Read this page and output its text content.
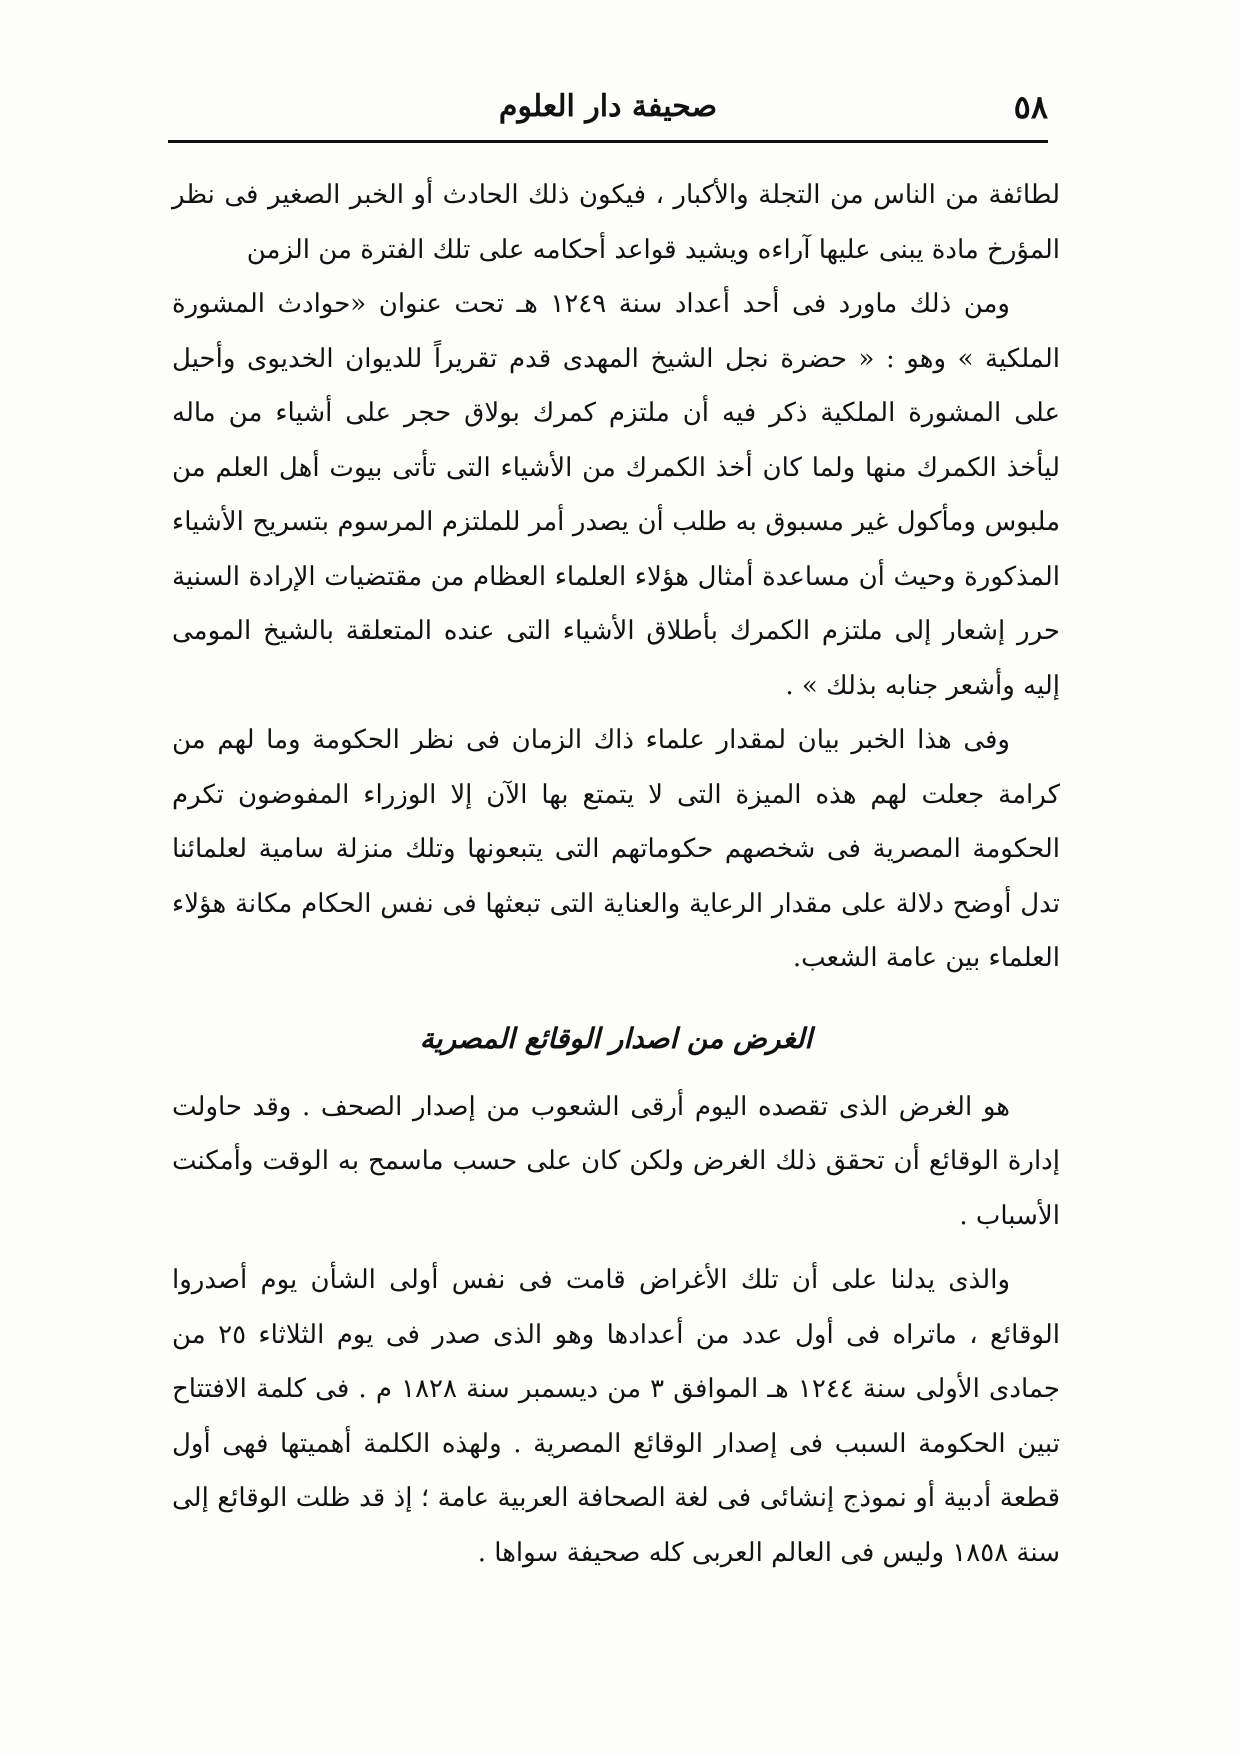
٥٨
صحيفة دار العلوم

لطائفة من الناس من التجلة والأكبار ، فيكون ذلك الحادث أو الخبر الصغير فى نظر المؤرخ مادة يبنى عليها آراءه ويشيد قواعد أحكامه على تلك الفترة من الزمن

ومن ذلك ماورد فى أحد أعداد سنة ١٢٤٩ هـ تحت عنوان «حوادث المشورة الملكية » وهو : « حضرة نجل الشيخ المهدى قدم تقريراً للديوان الخديوى وأحيل على المشورة الملكية ذكر فيه أن ملتزم كمرك بولاق حجر على أشياء من ماله ليأخذ الكمرك منها ولما كان أخذ الكمرك من الأشياء التى تأتى بيوت أهل العلم من ملبوس ومأكول غير مسبوق به طلب أن يصدر أمر للملتزم المرسوم بتسريح الأشياء المذكورة وحيث أن مساعدة أمثال هؤلاء العلماء العظام من مقتضيات الإرادة السنية حرر إشعار إلى ملتزم الكمرك بأطلاق الأشياء التى عنده المتعلقة بالشيخ المومى إليه وأشعر جنابه بذلك » .

وفى هذا الخبر بيان لمقدار علماء ذاك الزمان فى نظر الحكومة وما لهم من كرامة جعلت لهم هذه الميزة التى لا يتمتع بها الآن إلا الوزراء المفوضون تكرم الحكومة المصرية فى شخصهم حكوماتهم التى يتبعونها وتلك منزلة سامية لعلمائنا تدل أوضح دلالة على مقدار الرعاية والعناية التى تبعثها فى نفس الحكام مكانة هؤلاء العلماء بين عامة الشعب.

الغرض من اصدار الوقائع المصرية

هو الغرض الذى تقصده اليوم أرقى الشعوب من إصدار الصحف . وقد حاولت إدارة الوقائع أن تحقق ذلك الغرض ولكن كان على حسب ماسمح به الوقت وأمكنت الأسباب .

والذى يدلنا على أن تلك الأغراض قامت فى نفس أولى الشأن يوم أصدروا الوقائع ، ماتراه فى أول عدد من أعدادها وهو الذى صدر فى يوم الثلاثاء ٢٥ من جمادى الأولى سنة ١٢٤٤ هـ الموافق ٣ من ديسمبر سنة ١٨٢٨ م . فى كلمة الافتتاح تبين الحكومة السبب فى إصدار الوقائع المصرية . ولهذه الكلمة أهميتها فهى أول قطعة أدبية أو نموذج إنشائى فى لغة الصحافة العربية عامة ؛ إذ قد ظلت الوقائع إلى سنة ١٨٥٨ وليس فى العالم العربى كله صحيفة سواها .
